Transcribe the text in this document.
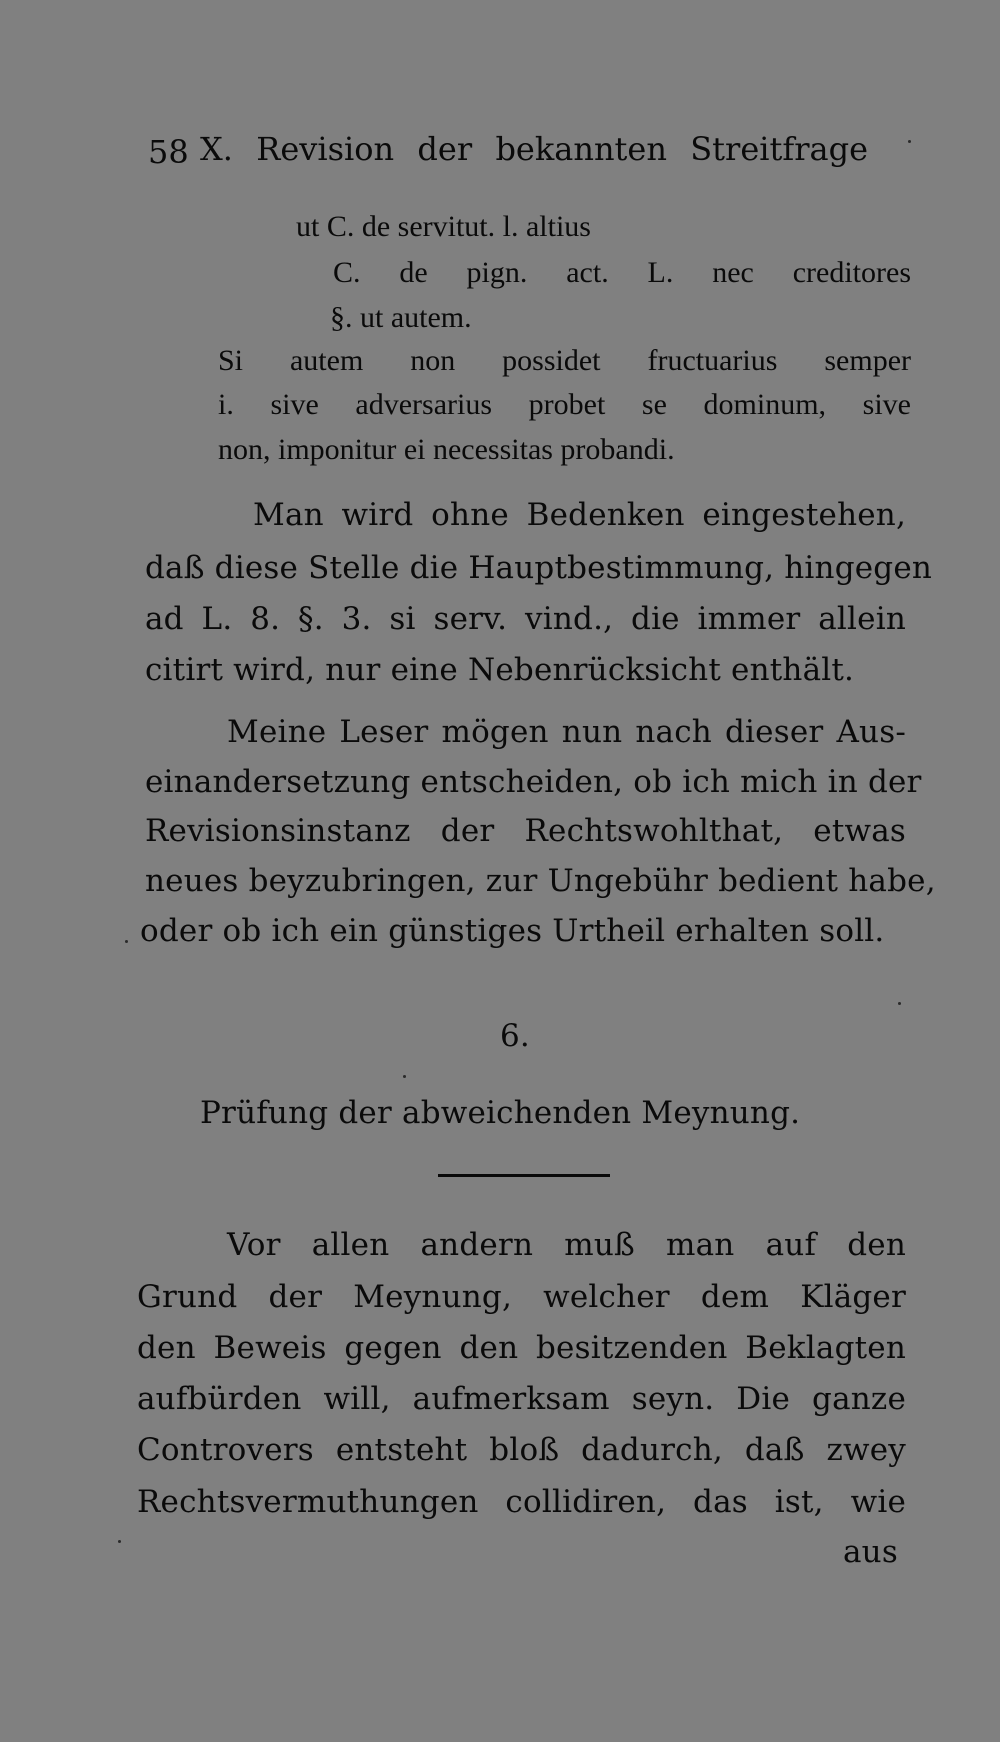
58 X. Revision der bekannten Streitfrage
ut C. de servitut. l. altius
C. de pign. act. L. nec creditores
§. ut autem.
Si autem non possidet fructuarius semper
i. sive adversarius probet se dominum, sive
non, imponitur ei necessitas probandi.
Man wird ohne Bedenken eingestehen,
daß diese Stelle die Hauptbestimmung, hingegen
ad L. 8. §. 3. si serv. vind., die immer allein
citirt wird, nur eine Nebenrücksicht enthält.
Meine Leser mögen nun nach dieser Aus-
einandersetzung entscheiden, ob ich mich in der
Revisionsinstanz der Rechtswohlthat, etwas
neues beyzubringen, zur Ungebühr bedient habe,
oder ob ich ein günstiges Urtheil erhalten soll.
6.
Prüfung der abweichenden Meynung.
Vor allen andern muß man auf den
Grund der Meynung, welcher dem Kläger
den Beweis gegen den besitzenden Beklagten
aufbürden will, aufmerksam seyn. Die ganze
Controvers entsteht bloß dadurch, daß zwey
Rechtsvermuthungen collidiren, das ist, wie
aus
